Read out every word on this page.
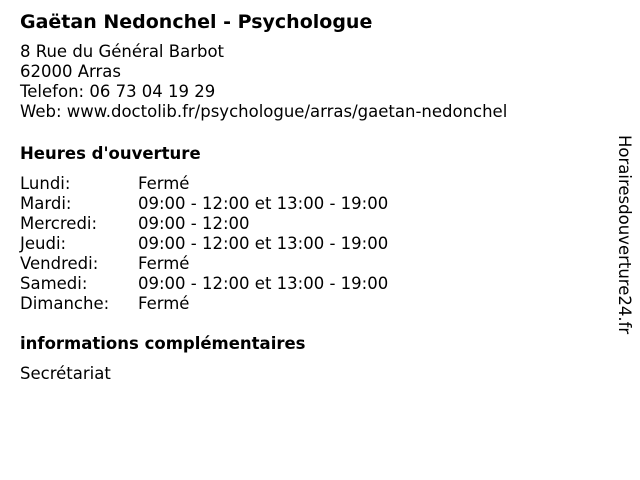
Gaëtan Nedonchel - Psychologue
8 Rue du Général Barbot
62000 Arras
Telefon: 06 73 04 19 29
Web: www.doctolib.fr/psychologue/arras/gaetan-nedonchel
Heures d'ouverture
Lundi:	Fermé
Mardi:	09:00 - 12:00 et 13:00 - 19:00
Mercredi:	09:00 - 12:00
Jeudi:	09:00 - 12:00 et 13:00 - 19:00
Vendredi:	Fermé
Samedi:	09:00 - 12:00 et 13:00 - 19:00
Dimanche:	Fermé
informations complémentaires
Secrétariat
Horairesdouverture24.fr
